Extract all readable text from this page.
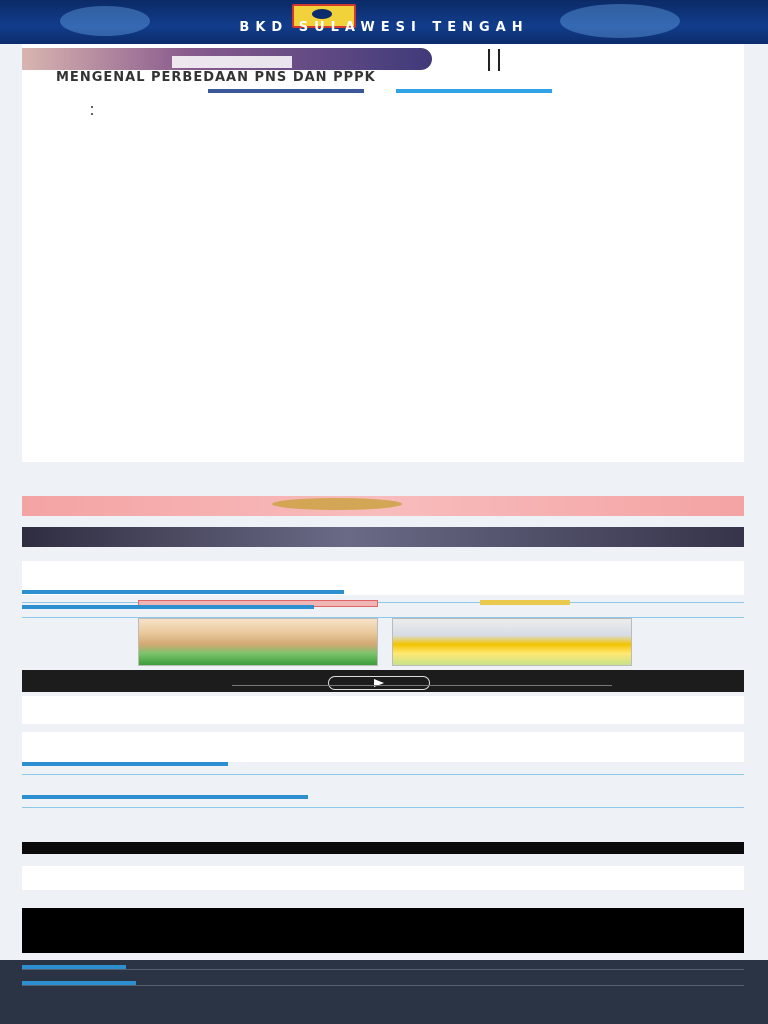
BKD SULAWESI TENGAH
MENGENAL PERBEDAAN PNS DAN PPPK

•
•
